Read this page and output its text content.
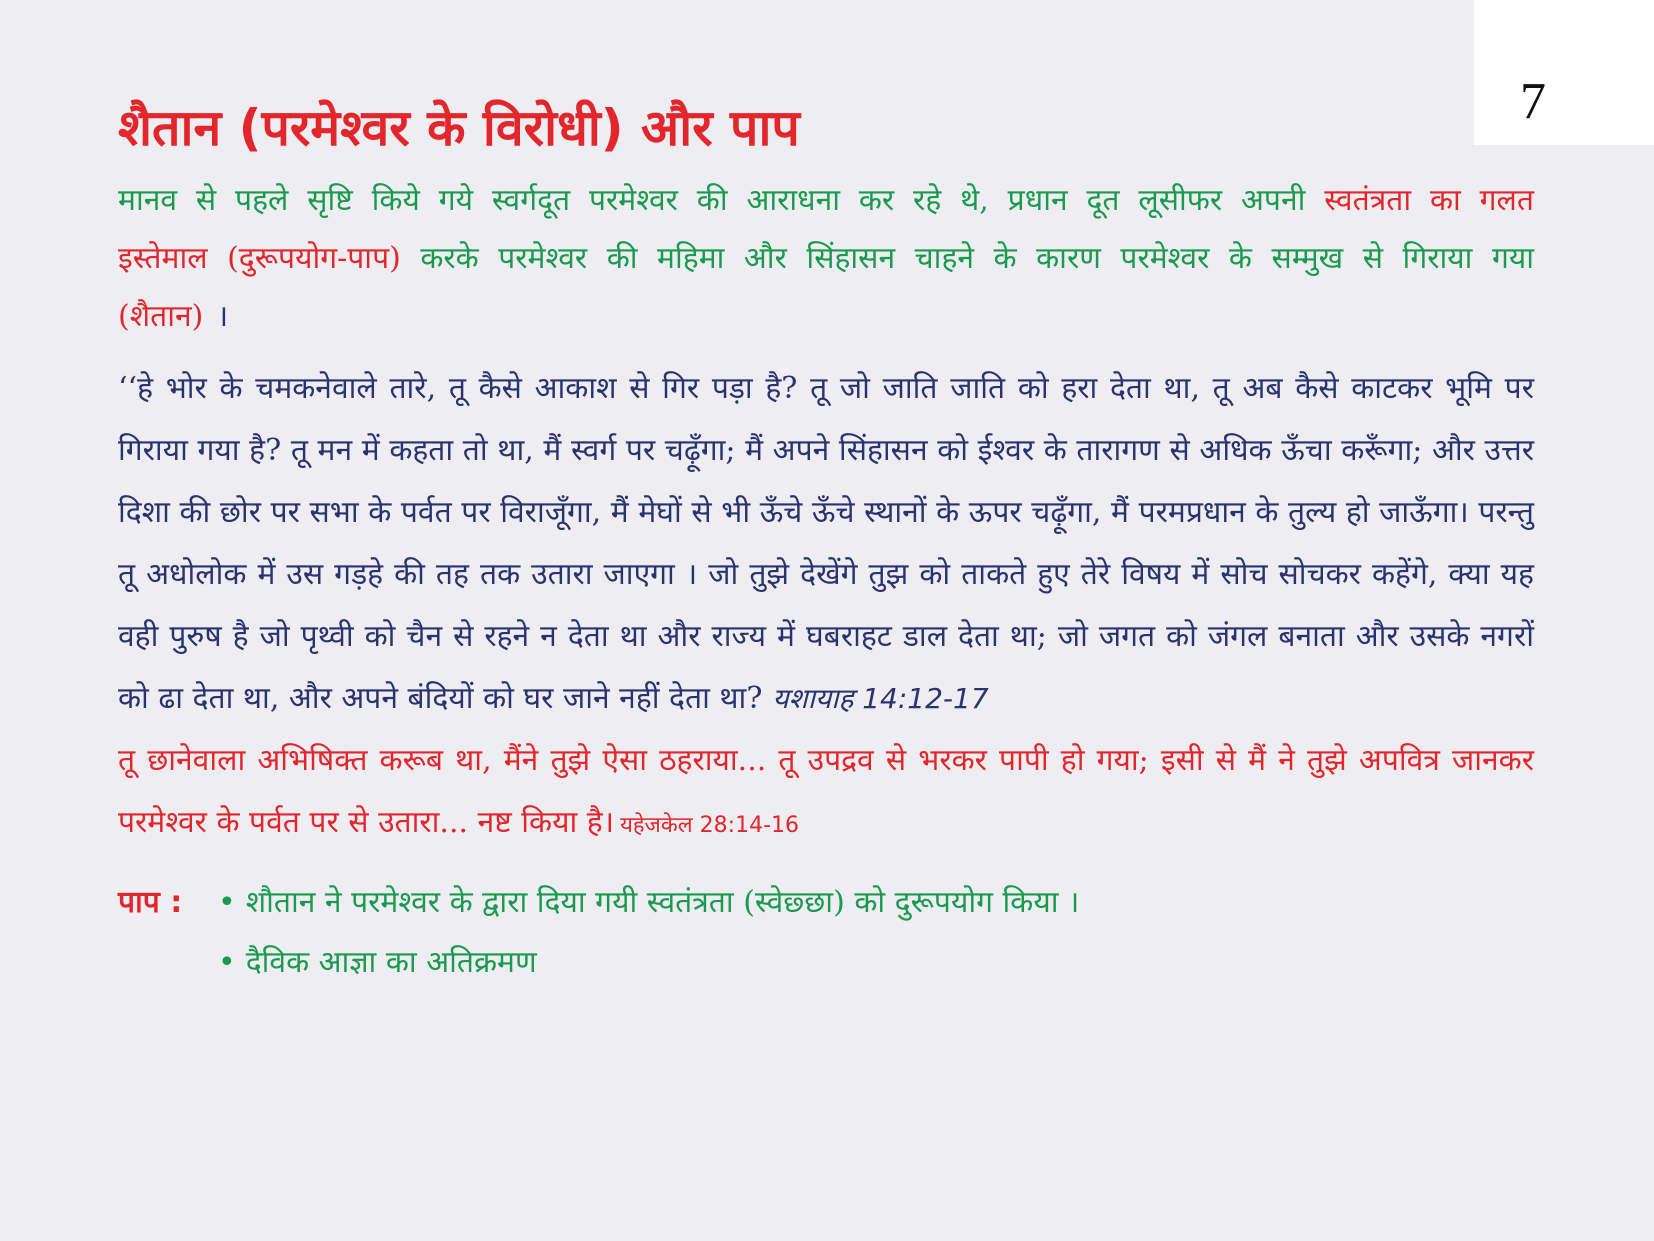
7
शैतान (परमेश्वर के विरोधी) और पाप

मानव से पहले सृष्टि किये गये स्वर्गदूत परमेश्वर की आराधना कर रहे थे, प्रधान दूत लूसीफर अपनी स्वतंत्रता का गलत इस्तेमाल (दुरूपयोग-पाप) करके परमेश्वर की महिमा और सिंहासन चाहने के कारण परमेश्वर के सम्मुख से गिराया गया (शैतान) ।

‘‘हे भोर के चमकनेवाले तारे, तू कैसे आकाश से गिर पड़ा है? तू जो जाति जाति को हरा देता था, तू अब कैसे काटकर भूमि पर गिराया गया है? तू मन में कहता तो था, मैं स्वर्ग पर चढ़ूँगा; मैं अपने सिंहासन को ईश्वर के तारागण से अधिक ऊँचा करूँगा; और उत्तर दिशा की छोर पर सभा के पर्वत पर विराजूँगा, मैं मेघों से भी ऊँचे ऊँचे स्थानों के ऊपर चढ़ूँगा, मैं परमप्रधान के तुल्य हो जाऊँगा। परन्तु तू अधोलोक में उस गड़हे की तह तक उतारा जाएगा । जो तुझे देखेंगे तुझ को ताकते हुए तेरे विषय में सोच सोचकर कहेंगे, क्या यह वही पुरुष है जो पृथ्वी को चैन से रहने न देता था और राज्य में घबराहट डाल देता था; जो जगत को जंगल बनाता और उसके नगरों को ढा देता था, और अपने बंदियों को घर जाने नहीं देता था? यशायाह 14:12-17

तू छानेवाला अभिषिक्त करूब था, मैंने तुझे ऐसा ठहराया... तू उपद्रव से भरकर पापी हो गया; इसी से मैं ने तुझे अपवित्र जानकर परमेश्वर के पर्वत पर से उतारा... नष्ट किया है। यहेजकेल 28:14-16

पाप :	• शौतान ने परमेश्वर के द्वारा दिया गयी स्वतंत्रता (स्वेछ्छा) को दुरूपयोग किया ।
• दैविक आज्ञा का अतिक्रमण
